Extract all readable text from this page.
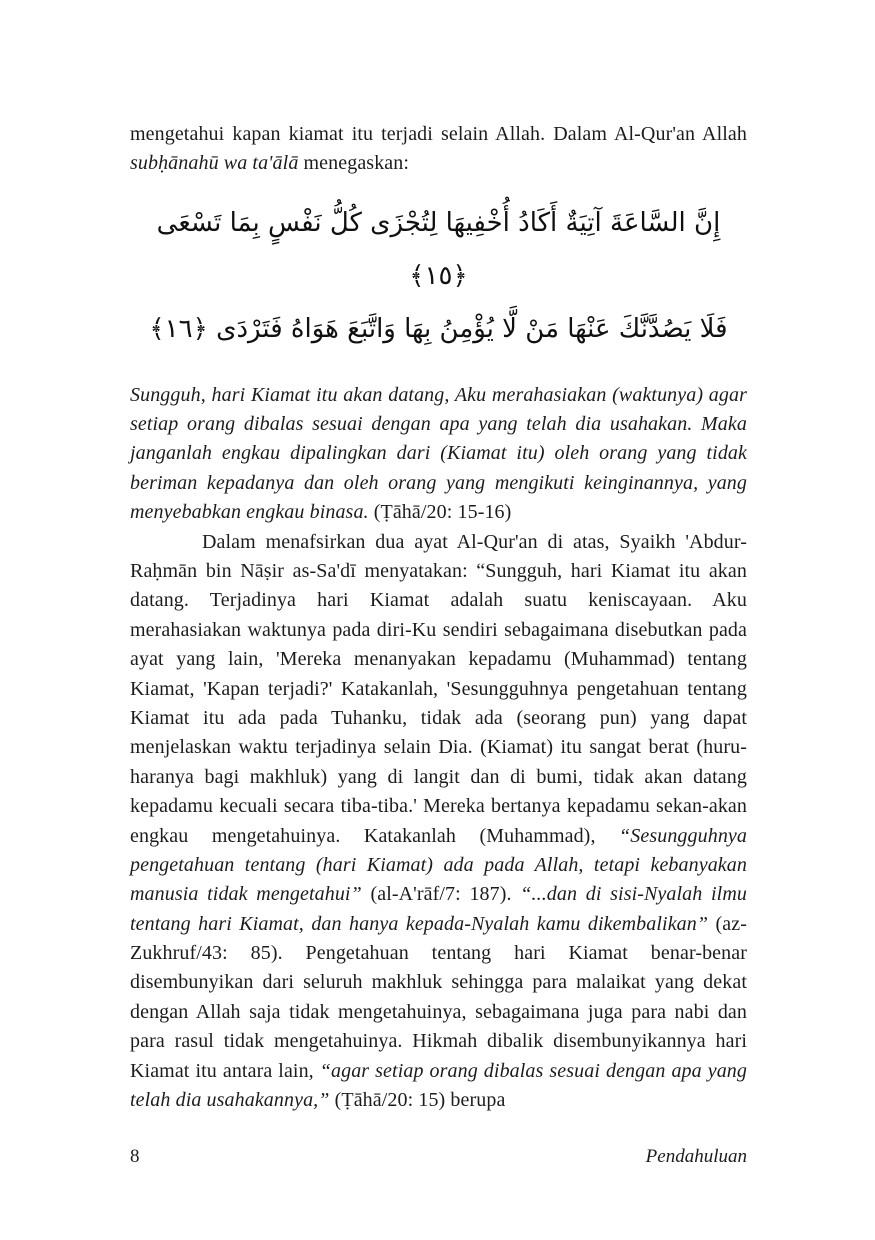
mengetahui kapan kiamat itu terjadi selain Allah. Dalam Al-Qur'an Allah subḥānahū wa ta'ālā menegaskan:

إِنَّ السَّاعَةَ آتِيَةٌ أَكَادُ أُخْفِيهَا لِتُجْزَى كُلُّ نَفْسٍ بِمَا تَسْعَى ﴿١٥﴾
فَلَا يَصُدَّنَّكَ عَنْهَا مَنْ لَّا يُؤْمِنُ بِهَا وَاتَّبَعَ هَوَاهُ فَتَرْدَى ﴿١٦﴾

Sungguh, hari Kiamat itu akan datang, Aku merahasiakan (waktunya) agar setiap orang dibalas sesuai dengan apa yang telah dia usahakan. Maka janganlah engkau dipalingkan dari (Kiamat itu) oleh orang yang tidak beriman kepadanya dan oleh orang yang mengikuti keinginannya, yang menyebabkan engkau binasa. (Ṭāhā/20: 15-16)

Dalam menafsirkan dua ayat Al-Qur'an di atas, Syaikh 'Abdur-Raḥmān bin Nāṣir as-Sa'dī menyatakan: “Sungguh, hari Kiamat itu akan datang. Terjadinya hari Kiamat adalah suatu keniscayaan. Aku merahasiakan waktunya pada diri-Ku sendiri sebagaimana disebutkan pada ayat yang lain, 'Mereka menanyakan kepadamu (Muhammad) tentang Kiamat, 'Kapan terjadi?' Katakanlah, 'Sesungguhnya pengetahuan tentang Kiamat itu ada pada Tuhanku, tidak ada (seorang pun) yang dapat menjelaskan waktu terjadinya selain Dia. (Kiamat) itu sangat berat (huru-haranya bagi makhluk) yang di langit dan di bumi, tidak akan datang kepadamu kecuali secara tiba-tiba.' Mereka bertanya kepadamu sekan-akan engkau mengetahuinya. Katakanlah (Muhammad), “Sesungguhnya pengetahuan tentang (hari Kiamat) ada pada Allah, tetapi kebanyakan manusia tidak mengetahui” (al-A'rāf/7: 187). “...dan di sisi-Nyalah ilmu tentang hari Kiamat, dan hanya kepada-Nyalah kamu dikembalikan” (az-Zukhruf/43: 85). Pengetahuan tentang hari Kiamat benar-benar disembunyikan dari seluruh makhluk sehingga para malaikat yang dekat dengan Allah saja tidak mengetahuinya, sebagaimana juga para nabi dan para rasul tidak mengetahuinya. Hikmah dibalik disembunyikannya hari Kiamat itu antara lain, “agar setiap orang dibalas sesuai dengan apa yang telah dia usahakannya,” (Ṭāhā/20: 15) berupa

8	Pendahuluan
